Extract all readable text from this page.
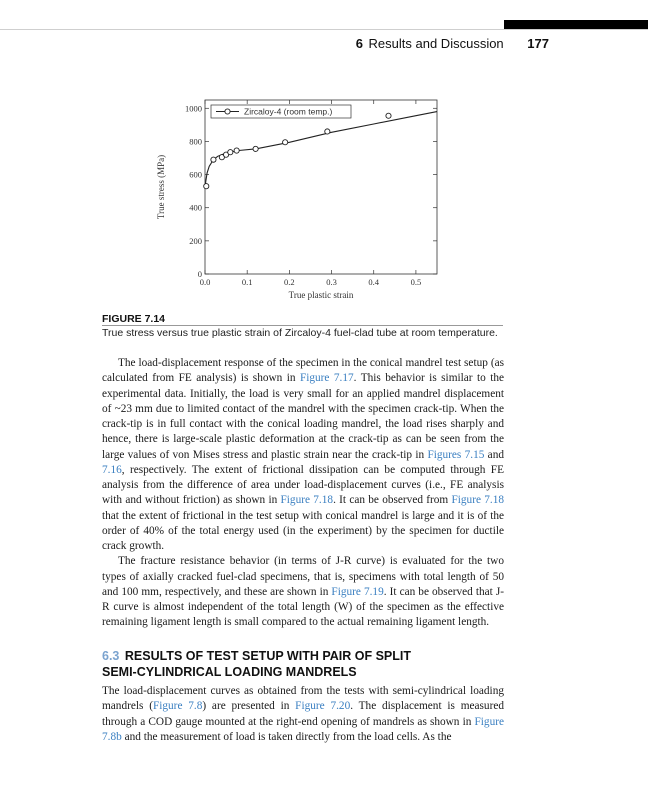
6 Results and Discussion 177
0.0	0.1	0.2	0.3	0.4	0.5
0
200
400
600
800
1000
True plastic strain
True stress (MPa)
Zircaloy-4 (room temp.)
FIGURE 7.14
True stress versus true plastic strain of Zircaloy-4 fuel-clad tube at room temperature.

The load-displacement response of the specimen in the conical mandrel test setup (as calculated from FE analysis) is shown in Figure 7.17. This behavior is similar to the experimental data. Initially, the load is very small for an applied mandrel displacement of ~23 mm due to limited contact of the mandrel with the specimen crack-tip. When the crack-tip is in full contact with the conical loading mandrel, the load rises sharply and hence, there is large-scale plastic deformation at the crack-tip as can be seen from the large values of von Mises stress and plastic strain near the crack-tip in Figures 7.15 and 7.16, respectively. The extent of frictional dissipation can be computed through FE analysis from the difference of area under load-displacement curves (i.e., FE analysis with and without friction) as shown in Figure 7.18. It can be observed from Figure 7.18 that the extent of frictional in the test setup with conical mandrel is large and it is of the order of 40% of the total energy used (in the experiment) by the specimen for ductile crack growth.

The fracture resistance behavior (in terms of J-R curve) is evaluated for the two types of axially cracked fuel-clad specimens, that is, specimens with total length of 50 and 100 mm, respectively, and these are shown in Figure 7.19. It can be observed that J-R curve is almost independent of the total length (W) of the specimen as the effective remaining ligament length is small compared to the actual remaining ligament length.

6.3 RESULTS OF TEST SETUP WITH PAIR OF SPLIT
SEMI-CYLINDRICAL LOADING MANDRELS

The load-displacement curves as obtained from the tests with semi-cylindrical loading mandrels (Figure 7.8) are presented in Figure 7.20. The displacement is measured through a COD gauge mounted at the right-end opening of mandrels as shown in Figure 7.8b and the measurement of load is taken directly from the load cells. As the
